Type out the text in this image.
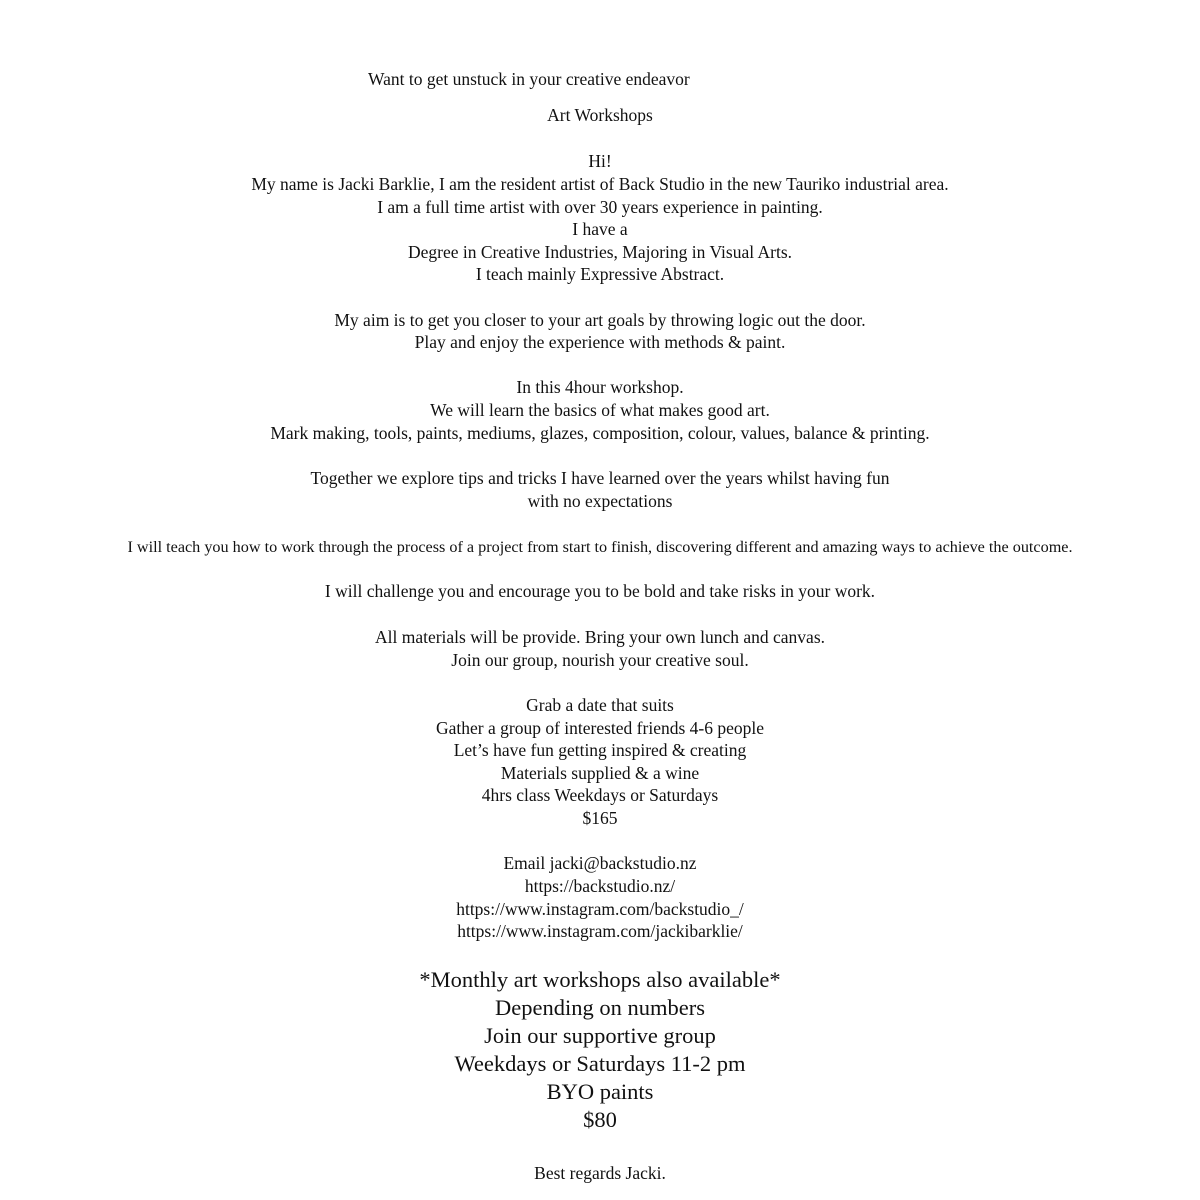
Want to get unstuck in your creative endeavor
Art Workshops
Hi!
My name is Jacki Barklie, I am the resident artist of Back Studio in the new Tauriko industrial area.
I am a full time artist with over 30 years experience in painting.
I have a
Degree in Creative Industries, Majoring in Visual Arts.
I teach mainly Expressive Abstract.
My aim is to get you closer to your art goals by throwing logic out the door.
Play and enjoy the experience with methods & paint.
In this 4hour workshop.
We will learn the basics of what makes good art.
Mark making, tools, paints, mediums, glazes, composition, colour, values, balance & printing.
Together we explore tips and tricks I have learned over the years whilst having fun
with no expectations
I will teach you how to work through the process of a project from start to finish, discovering different and amazing ways to achieve the outcome.
I will challenge you and encourage you to be bold and take risks in your work.
All materials will be provide. Bring your own lunch and canvas.
Join our group, nourish your creative soul.
Grab a date that suits
Gather a group of interested friends 4-6 people
Let’s have fun getting inspired & creating
Materials supplied & a wine
4hrs class Weekdays or Saturdays
$165
Email jacki@backstudio.nz
https://backstudio.nz/
https://www.instagram.com/backstudio_/
https://www.instagram.com/jackibarklie/
*Monthly art workshops also available*
Depending on numbers
Join our supportive group
Weekdays or Saturdays 11-2 pm
BYO paints
$80
Best regards Jacki.
